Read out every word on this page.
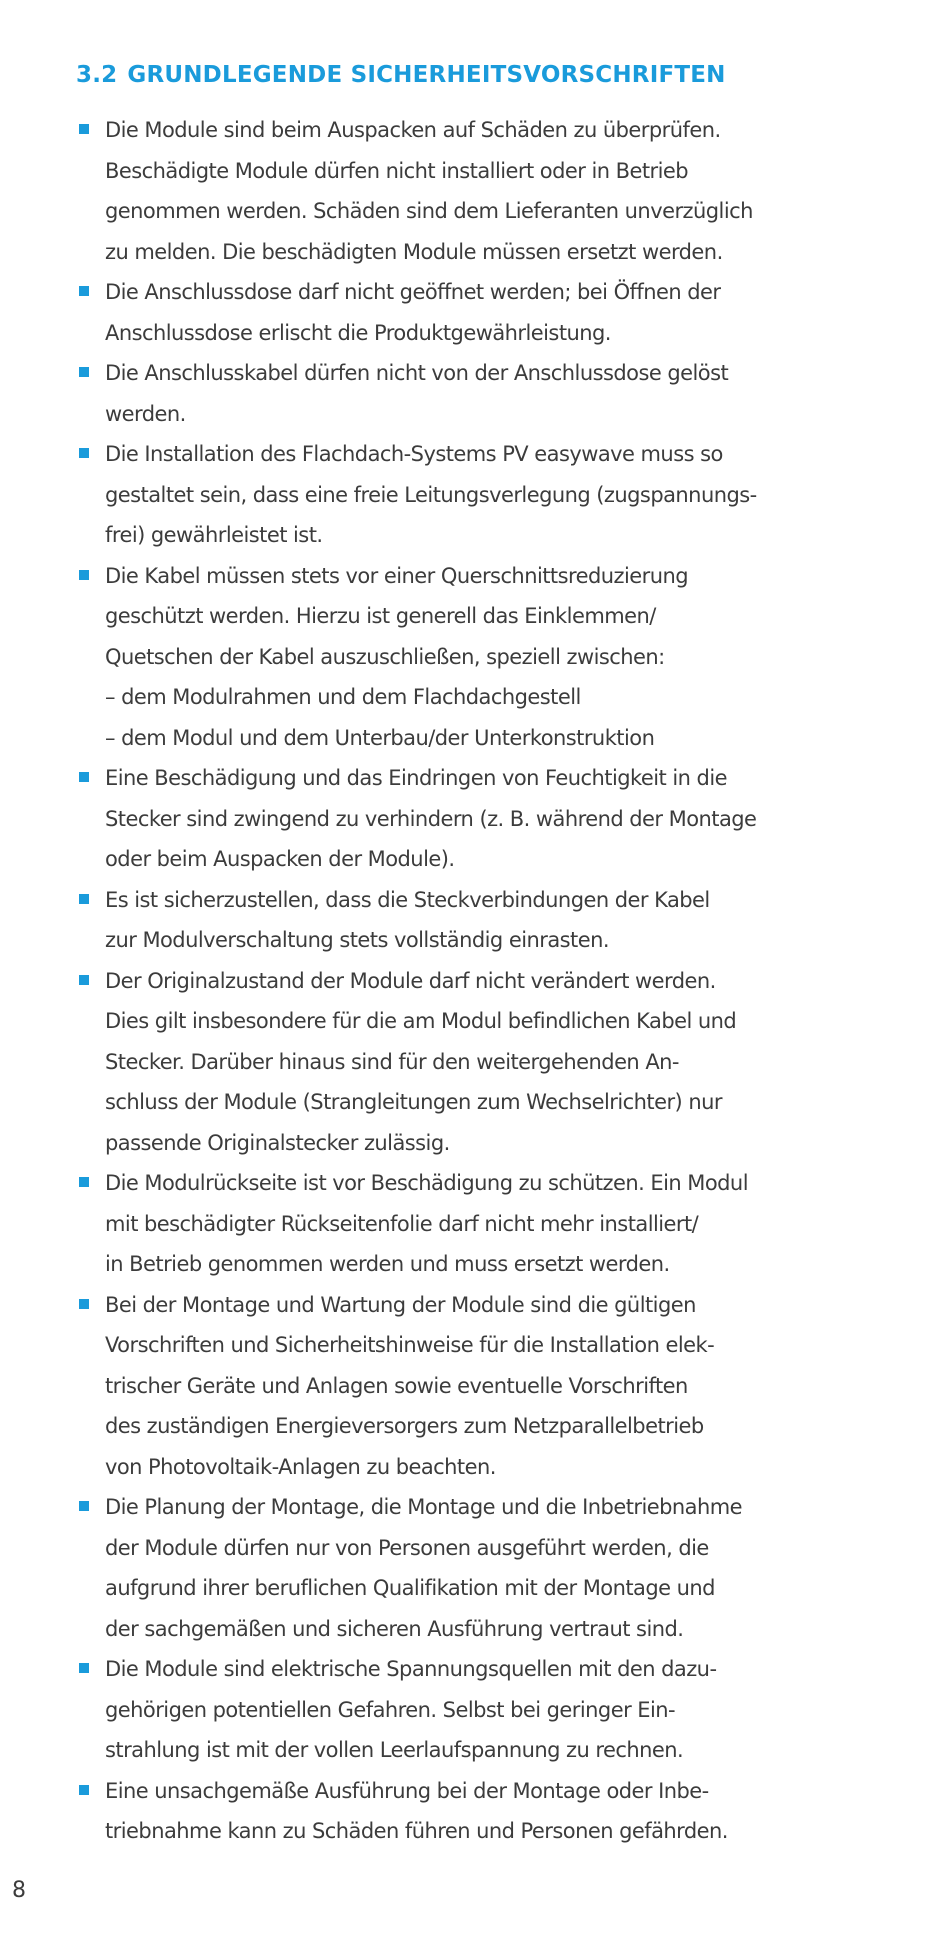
3.2 GRUNDLEGENDE SICHERHEITSVORSCHRIFTEN
Die Module sind beim Auspacken auf Schäden zu überprüfen.
Beschädigte Module dürfen nicht installiert oder in Betrieb
genommen werden. Schäden sind dem Lieferanten unverzüglich
zu melden. Die beschädigten Module müssen ersetzt werden.
Die Anschlussdose darf nicht geöffnet werden; bei Öffnen der
Anschlussdose erlischt die Produktgewährleistung.
Die Anschlusskabel dürfen nicht von der Anschlussdose gelöst
werden.
Die Installation des Flachdach-Systems PV easywave muss so
gestaltet sein, dass eine freie Leitungsverlegung (zugspannungs-
frei) gewährleistet ist.
Die Kabel müssen stets vor einer Querschnittsreduzierung
geschützt werden. Hierzu ist generell das Einklemmen/
Quetschen der Kabel auszuschließen, speziell zwischen:
– dem Modulrahmen und dem Flachdachgestell
– dem Modul und dem Unterbau/der Unterkonstruktion
Eine Beschädigung und das Eindringen von Feuchtigkeit in die
Stecker sind zwingend zu verhindern (z. B. während der Montage
oder beim Auspacken der Module).
Es ist sicherzustellen, dass die Steckverbindungen der Kabel
zur Modulverschaltung stets vollständig einrasten.
Der Originalzustand der Module darf nicht verändert werden.
Dies gilt insbesondere für die am Modul befindlichen Kabel und
Stecker. Darüber hinaus sind für den weitergehenden An-
schluss der Module (Strangleitungen zum Wechselrichter) nur
passende Originalstecker zulässig.
Die Modulrückseite ist vor Beschädigung zu schützen. Ein Modul
mit beschädigter Rückseitenfolie darf nicht mehr installiert/
in Betrieb genommen werden und muss ersetzt werden.
Bei der Montage und Wartung der Module sind die gültigen
Vorschriften und Sicherheitshinweise für die Installation elek-
trischer Geräte und Anlagen sowie eventuelle Vorschriften
des zuständigen Energieversorgers zum Netzparallelbetrieb
von Photovoltaik-Anlagen zu beachten.
Die Planung der Montage, die Montage und die Inbetriebnahme
der Module dürfen nur von Personen ausgeführt werden, die
aufgrund ihrer beruflichen Qualifikation mit der Montage und
der sachgemäßen und sicheren Ausführung vertraut sind.
Die Module sind elektrische Spannungsquellen mit den dazu-
gehörigen potentiellen Gefahren. Selbst bei geringer Ein-
strahlung ist mit der vollen Leerlaufspannung zu rechnen.
Eine unsachgemäße Ausführung bei der Montage oder Inbe-
triebnahme kann zu Schäden führen und Personen gefährden.
8
